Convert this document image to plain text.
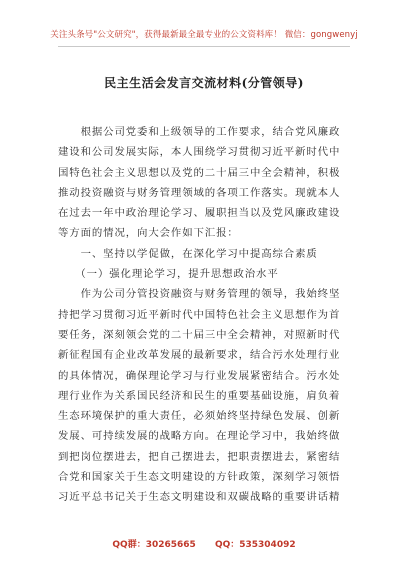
关注头条号"公文研究"，获得最新最全最专业的公文资料库！ 微信：gongwenyj
民主生活会发言交流材料(分管领导)
　　根据公司党委和上级领导的工作要求，结合党风廉政
建设和公司发展实际，本人围绕学习贯彻习近平新时代中
国特色社会主义思想以及党的二十届三中全会精神，积极
推动投资融资与财务管理领域的各项工作落实。现就本人
在过去一年中政治理论学习、履职担当以及党风廉政建设
等方面的情况，向大会作如下汇报：
　　一、坚持以学促做，在深化学习中提高综合素质
　　（一）强化理论学习，提升思想政治水平
　　作为公司分管投资融资与财务管理的领导，我始终坚
持把学习贯彻习近平新时代中国特色社会主义思想作为首
要任务，深刻领会党的二十届三中全会精神，对照新时代
新征程国有企业改革发展的最新要求，结合污水处理行业
的具体情况，确保理论学习与行业发展紧密结合。污水处
理行业作为关系国民经济和民生的重要基础设施，肩负着
生态环境保护的重大责任，必须始终坚持绿色发展、创新
发展、可持续发展的战略方向。在理论学习中，我始终做
到把岗位摆进去，把自己摆进去，把职责摆进去，紧密结
合党和国家关于生态文明建设的方针政策，深刻学习领悟
习近平总书记关于生态文明建设和双碳战略的重要讲话精
QQ群：30265665 QQ：535304092
